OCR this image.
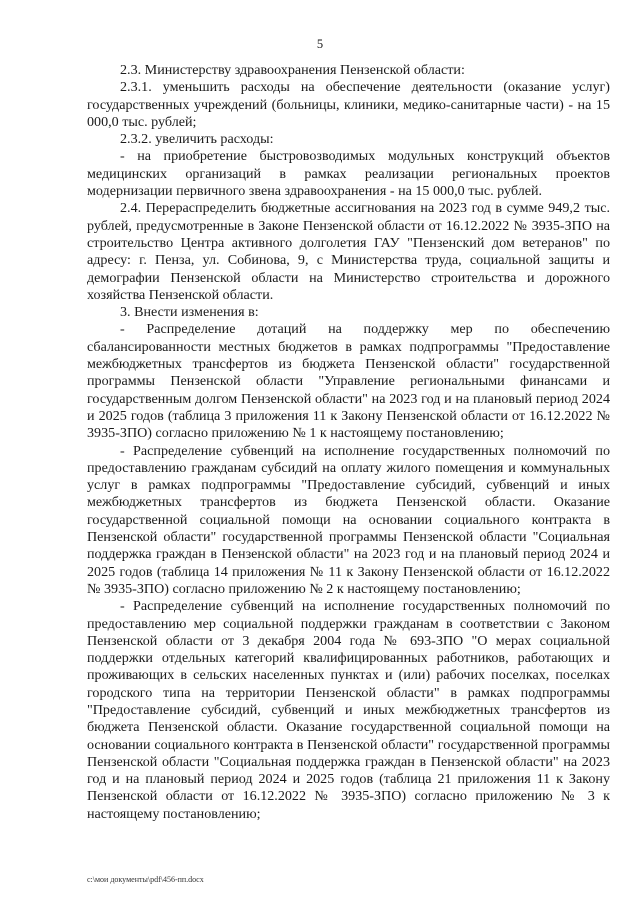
5

2.3. Министерству здравоохранения Пензенской области:

2.3.1. уменьшить расходы на обеспечение деятельности (оказание услуг) государственных учреждений (больницы, клиники, медико-санитарные части) - на 15 000,0 тыс. рублей;

2.3.2. увеличить расходы:

- на приобретение быстровозводимых модульных конструкций объектов медицинских организаций в рамках реализации региональных проектов модернизации первичного звена здравоохранения - на 15 000,0 тыс. рублей.

2.4. Перераспределить бюджетные ассигнования на 2023 год в сумме 949,2 тыс. рублей, предусмотренные в Законе Пензенской области от 16.12.2022 № 3935-ЗПО на строительство Центра активного долголетия ГАУ "Пензенский дом ветеранов" по адресу: г. Пенза, ул. Собинова, 9, с Министерства труда, социальной защиты и демографии Пензенской области на Министерство строительства и дорожного хозяйства Пензенской области.

3. Внести изменения в:

- Распределение дотаций на поддержку мер по обеспечению сбалансированности местных бюджетов в рамках подпрограммы "Предоставление межбюджетных трансфертов из бюджета Пензенской области" государственной программы Пензенской области "Управление региональными финансами и государственным долгом Пензенской области" на 2023 год и на плановый период 2024 и 2025 годов (таблица 3 приложения 11 к Закону Пензенской области от 16.12.2022 № 3935-ЗПО) согласно приложению № 1 к настоящему постановлению;

- Распределение субвенций на исполнение государственных полномочий по предоставлению гражданам субсидий на оплату жилого помещения и коммунальных услуг в рамках подпрограммы "Предоставление субсидий, субвенций и иных межбюджетных трансфертов из бюджета Пензенской области. Оказание государственной социальной помощи на основании социального контракта в Пензенской области" государственной программы Пензенской области "Социальная поддержка граждан в Пензенской области" на 2023 год и на плановый период 2024 и 2025 годов (таблица 14 приложения № 11 к Закону Пензенской области от 16.12.2022 № 3935-ЗПО) согласно приложению № 2 к настоящему постановлению;

- Распределение субвенций на исполнение государственных полномочий по предоставлению мер социальной поддержки гражданам в соответствии с Законом Пензенской области от 3 декабря 2004 года № 693-ЗПО "О мерах социальной поддержки отдельных категорий квалифицированных работников, работающих и проживающих в сельских населенных пунктах и (или) рабочих поселках, поселках городского типа на территории Пензенской области" в рамках подпрограммы "Предоставление субсидий, субвенций и иных межбюджетных трансфертов из бюджета Пензенской области. Оказание государственной социальной помощи на основании социального контракта в Пензенской области" государственной программы Пензенской области "Социальная поддержка граждан в Пензенской области" на 2023 год и на плановый период 2024 и 2025 годов (таблица 21 приложения 11 к Закону Пензенской области от 16.12.2022 № 3935-ЗПО) согласно приложению № 3 к настоящему постановлению;

c:\мои документы\pdf\456-пп.docx
